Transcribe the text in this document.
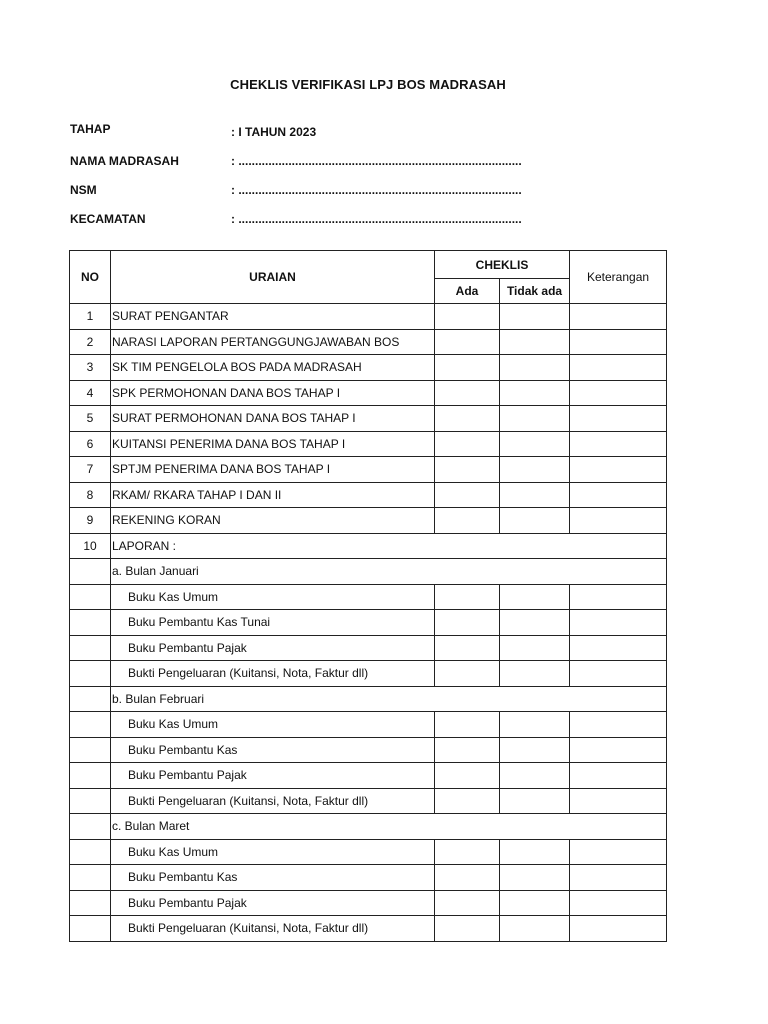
CHEKLIS VERIFIKASI LPJ BOS MADRASAH
TAHAP	: I TAHUN 2023
NAMA MADRASAH	: .....................................................................................
NSM	: .....................................................................................
KECAMATAN	: .....................................................................................
NO	URAIAN	CHEKLIS		Keterangan
		Ada	Tidak ada	
1	SURAT PENGANTAR			
2	NARASI LAPORAN PERTANGGUNGJAWABAN BOS			
3	SK TIM PENGELOLA BOS PADA MADRASAH			
4	SPK PERMOHONAN DANA BOS TAHAP I			
5	SURAT PERMOHONAN DANA BOS TAHAP I			
6	KUITANSI PENERIMA DANA BOS TAHAP I			
7	SPTJM PENERIMA DANA BOS TAHAP I			
8	RKAM/ RKARA TAHAP I DAN II			
9	REKENING KORAN			
10	LAPORAN :			
	a. Bulan Januari			
	Buku Kas Umum			
	Buku Pembantu Kas Tunai			
	Buku Pembantu Pajak			
	Bukti Pengeluaran (Kuitansi, Nota, Faktur dll)			
	b. Bulan Februari			
	Buku Kas Umum			
	Buku Pembantu Kas			
	Buku Pembantu Pajak			
	Bukti Pengeluaran (Kuitansi, Nota, Faktur dll)			
	c. Bulan Maret			
	Buku Kas Umum			
	Buku Pembantu Kas			
	Buku Pembantu Pajak			
	Bukti Pengeluaran (Kuitansi, Nota, Faktur dll)			
